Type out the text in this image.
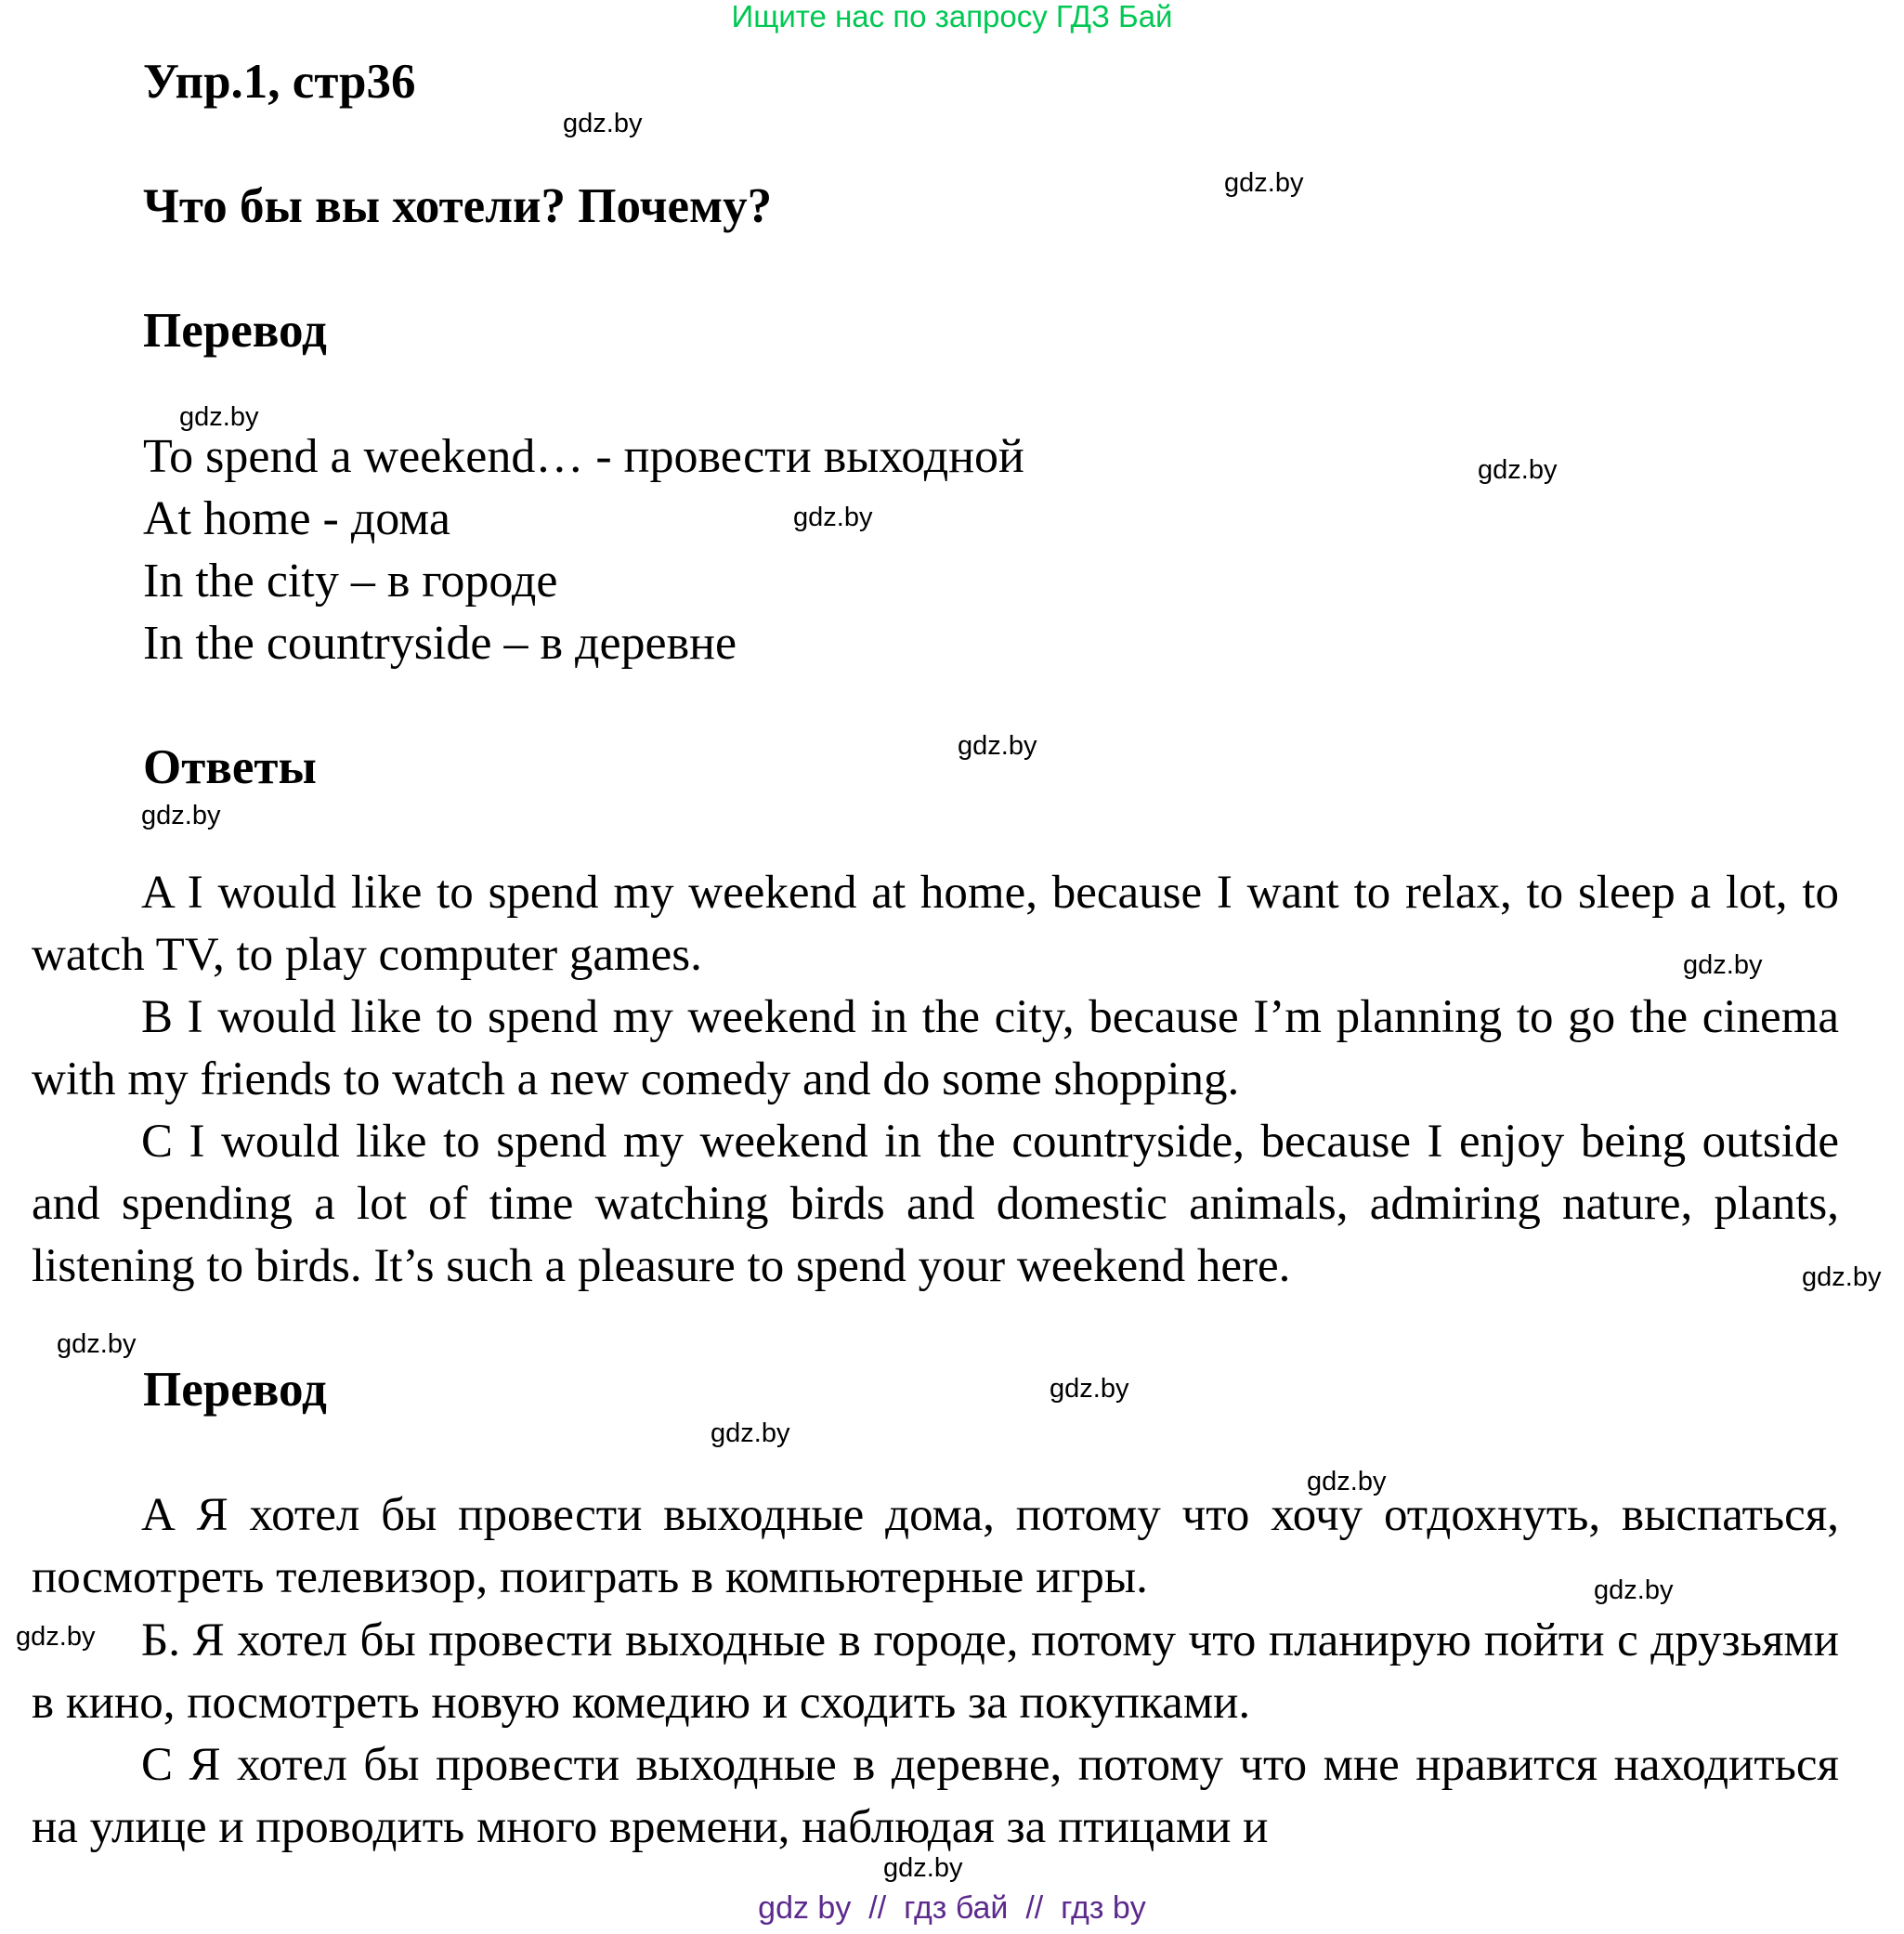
Ищите нас по запросу ГДЗ Бай
Упр.1, стр36
Что бы вы хотели? Почему?
Перевод
To spend a weekend… - провести выходной
At home - дома
In the city – в городе
In the countryside – в деревне
Ответы

A I would like to spend my weekend at home, because I want to relax, to sleep a lot, to watch TV, to play computer games.

B I would like to spend my weekend in the city, because I’m planning to go the cinema with my friends to watch a new comedy and do some shopping.

C I would like to spend my weekend in the countryside, because I enjoy being outside and spending a lot of time watching birds and domestic animals, admiring nature, plants, listening to birds. It’s such a pleasure to spend your weekend here.

Перевод

А Я хотел бы провести выходные дома, потому что хочу отдохнуть, выспаться, посмотреть телевизор, поиграть в компьютерные игры.

Б. Я хотел бы провести выходные в городе, потому что планирую пойти с друзьями в кино, посмотреть новую комедию и сходить за покупками.

С Я хотел бы провести выходные в деревне, потому что мне нравится находиться на улице и проводить много времени, наблюдая за птицами и

gdz.by
gdz.by
gdz.by
gdz.by
gdz.by
gdz.by
gdz.by
gdz.by
gdz.by
gdz.by
gdz.by
gdz.by
gdz.by
gdz.by
gdz.by
gdz.by
gdz by // гдз бай // гдз by
